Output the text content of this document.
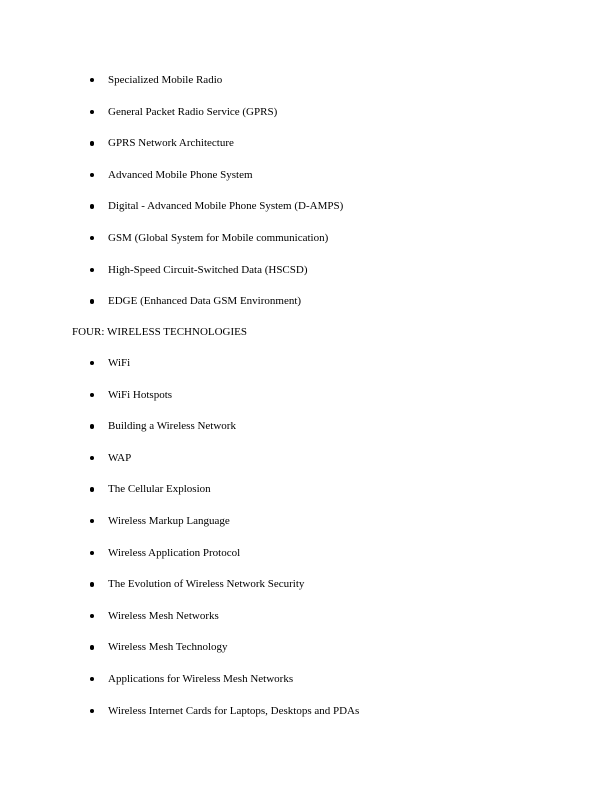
Specialized Mobile Radio
General Packet Radio Service (GPRS)
GPRS Network Architecture
Advanced Mobile Phone System
Digital - Advanced Mobile Phone System (D-AMPS)
GSM (Global System for Mobile communication)
High-Speed Circuit-Switched Data (HSCSD)
EDGE (Enhanced Data GSM Environment)

FOUR: WIRELESS TECHNOLOGIES

WiFi
WiFi Hotspots
Building a Wireless Network
WAP
The Cellular Explosion
Wireless Markup Language
Wireless Application Protocol
The Evolution of Wireless Network Security
Wireless Mesh Networks
Wireless Mesh Technology
Applications for Wireless Mesh Networks
Wireless Internet Cards for Laptops, Desktops and PDAs
